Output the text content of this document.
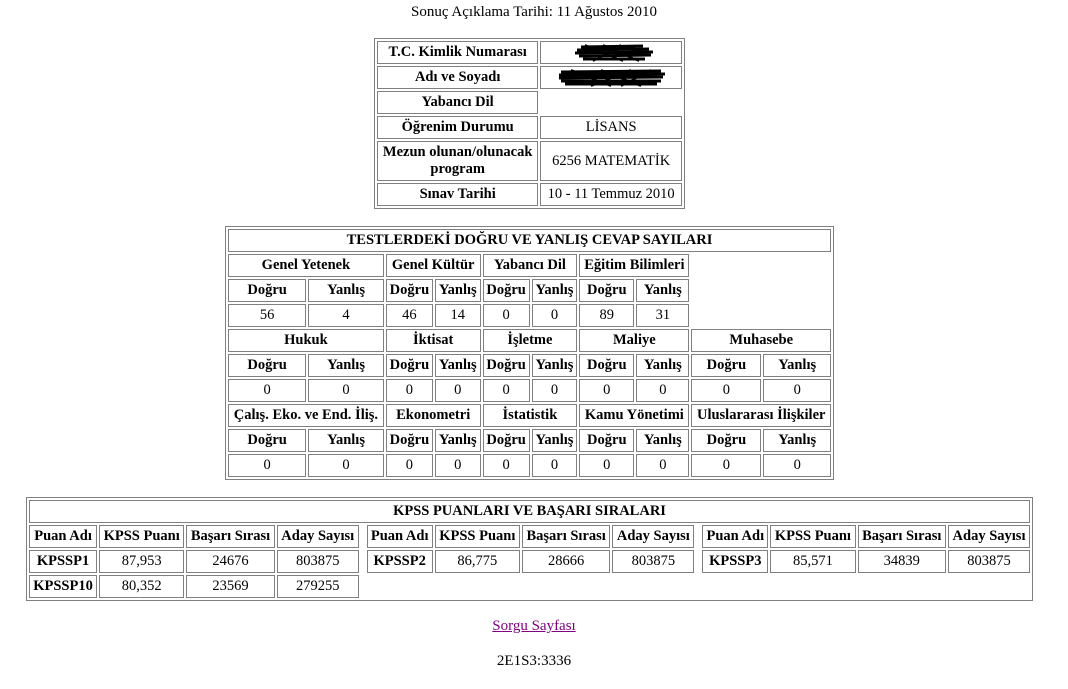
Sonuç Açıklama Tarihi: 11 Ağustos 2010
T.C. Kimlik Numarası	

Adı ve Soyadı	

Yabancı Dil	
Öğrenim Durumu	LİSANS
Mezun olunan/olunacak program	6256 MATEMATİK
Sınav Tarihi	10 - 11 Temmuz 2010
TESTLERDEKİ DOĞRU VE YANLIŞ CEVAP SAYILARI									
Genel Yetenek		Genel Kültür		Yabancı Dil		Eğitim Bilimleri			
Doğru	Yanlış	Doğru	Yanlış	Doğru	Yanlış	Doğru	Yanlış		
56	4	46	14	0	0	89	31		
Hukuk		İktisat		İşletme		Maliye		Muhasebe	
Doğru	Yanlış	Doğru	Yanlış	Doğru	Yanlış	Doğru	Yanlış	Doğru	Yanlış
0	0	0	0	0	0	0	0	0	0
Çalış. Eko. ve End. İliş.		Ekonometri		İstatistik		Kamu Yönetimi		Uluslararası İlişkiler	
Doğru	Yanlış	Doğru	Yanlış	Doğru	Yanlış	Doğru	Yanlış	Doğru	Yanlış
0	0	0	0	0	0	0	0	0	0
KPSS PUANLARI VE BAŞARI SIRALARI													
Puan Adı	KPSS Puanı	Başarı Sırası	Aday Sayısı		Puan Adı	KPSS Puanı	Başarı Sırası	Aday Sayısı		Puan Adı	KPSS Puanı	Başarı Sırası	Aday Sayısı
KPSSP1	87,953	24676	803875		KPSSP2	86,775	28666	803875		KPSSP3	85,571	34839	803875
KPSSP10	80,352	23569	279255										
Sorgu Sayfası
2E1S3:3336
